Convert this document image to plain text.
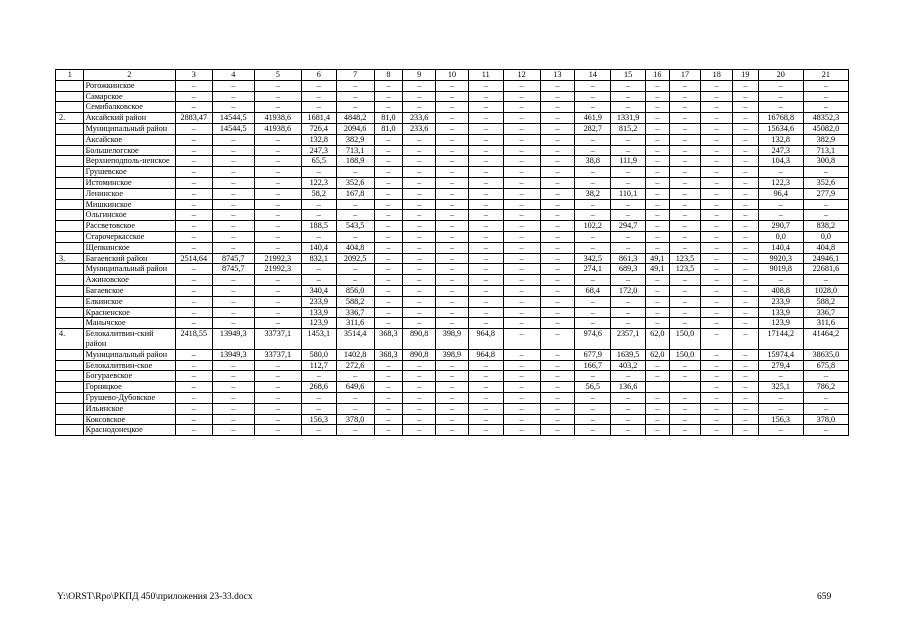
1	2	3	4	5	6	7	8	9	10	11	12	13	14	15	16	17	18	19	20	21
	Рогожкинское	–	–	–	–	–	–	–	–	–	–	–	–	–	–	–	–	–	–	–
	Самарское	–	–	–	–	–	–	–	–	–	–	–	–	–	–	–	–	–	–	–
	Семибалковское	–	–	–	–	–	–	–	–	–	–	–	–	–	–	–	–	–	–	–
2.	Аксайский район	2883,47	14544,5	41938,6	1681,4	4848,2	81,0	233,6	–	–	–	–	461,9	1331,9	–	–	–	–	16768,8	48352,3
	Муниципальный район	–	14544,5	41938,6	726,4	2094,6	81,0	233,6	–	–	–	–	282,7	815,2	–	–	–	–	15634,6	45082,0
	Аксайское	–	–	–	132,8	382,9	–	–	–	–	–	–	–	–	–	–	–	–	132,8	382,9
	Большелогское	–	–	–	247,3	713,1	–	–	–	–	–	–	–	–	–	–	–	–	247,3	713,1
	Верхнеподполь-ненское	–	–	–	65,5	188,9	–	–	–	–	–	–	38,8	111,9	–	–	–	–	104,3	300,8
	Грушевское	–	–	–	–	–	–	–	–	–	–	–	–	–	–	–	–	–	–	–
	Истоминское	–	–	–	122,3	352,6	–	–	–	–	–	–	–	–	–	–	–	–	122,3	352,6
	Ленинское	–	–	–	58,2	167,8	–	–	–	–	–	–	38,2	110,1	–	–	–	–	96,4	277,9
	Мишкинское	–	–	–	–	–	–	–	–	–	–	–	–	–	–	–	–	–	–	–
	Ольгинское	–	–	–	–	–	–	–	–	–	–	–	–	–	–	–	–	–	–	–
	Рассветовское	–	–	–	188,5	543,5	–	–	–	–	–	–	102,2	294,7	–	–	–	–	290,7	838,2
	Старочеркасское	–	–	–	–	–	–	–	–	–	–	–	–	–	–	–	–	–	0,0	0,0
	Щепкинское	–	–	–	140,4	404,8	–	–	–	–	–	–	–	–	–	–	–	–	140,4	404,8
3.	Багаевский район	2514,64	8745,7	21992,3	832,1	2092,5	–	–	–	–	–	–	342,5	861,3	49,1	123,5	–	–	9920,3	24946,1
	Муниципальный район	–	8745,7	21992,3	–	–	–	–	–	–	–	–	274,1	689,3	49,1	123,5	–	–	9019,8	22681,6
	Ажиновское	–	–	–	–	–	–	–	–	–	–	–	–	–	–	–	–	–	–	–
	Багаевское	–	–	–	340,4	856,0	–	–	–	–	–	–	68,4	172,0	–	–	–	–	408,8	1028,0
	Елкинское	–	–	–	233,9	588,2	–	–	–	–	–	–	–	–	–	–	–	–	233,9	588,2
	Красненское	–	–	–	133,9	336,7	–	–	–	–	–	–	–	–	–	–	–	–	133,9	336,7
	Манычское	–	–	–	123,9	311,6	–	–	–	–	–	–	–	–	–	–	–	–	123,9	311,6
4.	Белокалитвин-ский район	2418,55	13949,3	33737,1	1453,1	3514,4	368,3	890,8	398,9	964,8	–	–	974,6	2357,1	62,0	150,0	–	–	17144,2	41464,2
	Муниципальный район	–	13949,3	33737,1	580,0	1402,8	368,3	890,8	398,9	964,8	–	–	677,9	1639,5	62,0	150,0	–	–	15974,4	38635,0
	Белокалитвин-ское	–	–	–	112,7	272,6	–	–	–	–	–	–	166,7	403,2	–	–	–	–	279,4	675,8
	Богураевское	–	–	–	–	–	–	–	–	–	–	–	–	–	–	–	–	–	–	–
	Горняцкое	–	–	–	268,6	649,6	–	–	–	–	–	–	56,5	136,6			–	–	325,1	786,2
	Грушево-Дубовское	–	–	–	–	–	–	–	–	–	–	–	–	–	–	–	–	–	–	–
	Ильинское	–	–	–	–	–	–	–	–	–	–	–	–	–	–	–	–	–	–	–
	Коксовское	–	–	–	156,3	378,0	–	–	–	–	–	–	–	–	–	–	–	–	156,3	378,0
	Краснодонецкое	–	–	–	–	–	–	–	–	–	–	–	–	–	–	–	–	–	–	–
Y:\ORST\Rpo\РКПД 450\приложения 23-33.docx	659
